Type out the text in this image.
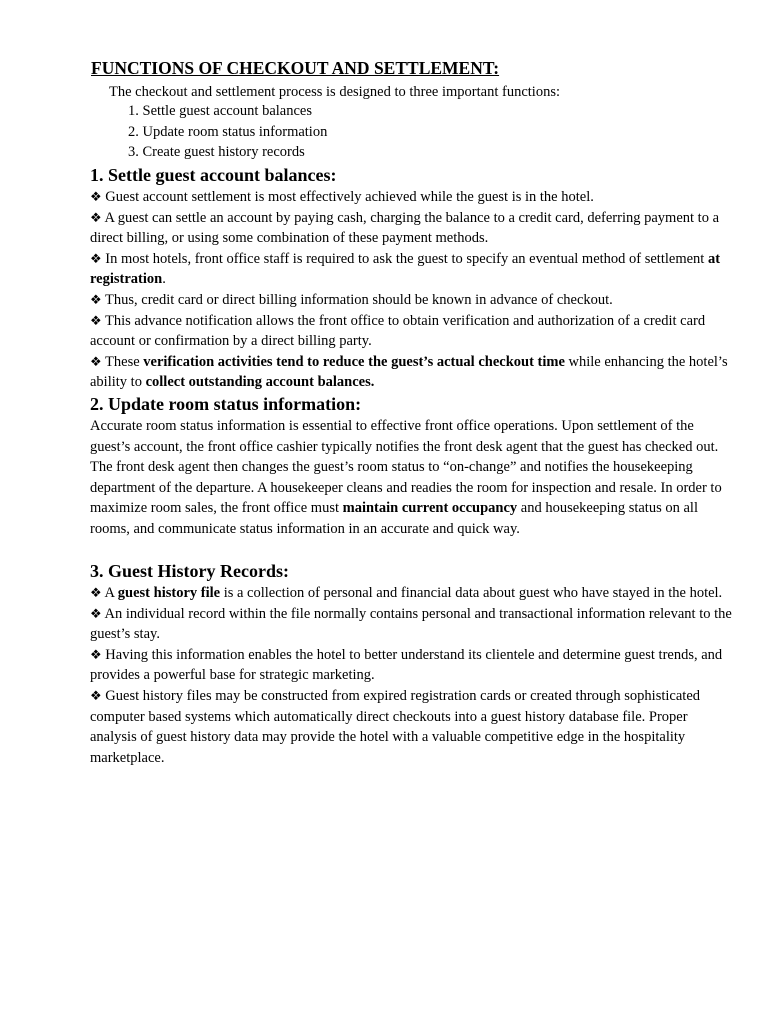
FUNCTIONS OF CHECKOUT AND SETTLEMENT:

The checkout and settlement process is designed to three important functions:

1. Settle guest account balances
2. Update room status information
3. Create guest history records
1. Settle guest account balances:

❖ Guest account settlement is most effectively achieved while the guest is in the hotel.

❖ A guest can settle an account by paying cash, charging the balance to a credit card, deferring payment to a direct billing, or using some combination of these payment methods.

❖ In most hotels, front office staff is required to ask the guest to specify an eventual method of settlement at registration.

❖ Thus, credit card or direct billing information should be known in advance of checkout.

❖ This advance notification allows the front office to obtain verification and authorization of a credit card account or confirmation by a direct billing party.

❖ These verification activities tend to reduce the guest’s actual checkout time while enhancing the hotel’s ability to collect outstanding account balances.

2. Update room status information:

Accurate room status information is essential to effective front office operations. Upon settlement of the guest’s account, the front office cashier typically notifies the front desk agent that the guest has checked out. The front desk agent then changes the guest’s room status to “on-change” and notifies the housekeeping department of the departure. A housekeeper cleans and readies the room for inspection and resale. In order to maximize room sales, the front office must maintain current occupancy and housekeeping status on all rooms, and communicate status information in an accurate and quick way.

3. Guest History Records:

❖ A guest history file is a collection of personal and financial data about guest who have stayed in the hotel.

❖ An individual record within the file normally contains personal and transactional information relevant to the guest’s stay.

❖ Having this information enables the hotel to better understand its clientele and determine guest trends, and provides a powerful base for strategic marketing.

❖ Guest history files may be constructed from expired registration cards or created through sophisticated computer based systems which automatically direct checkouts into a guest history database file. Proper analysis of guest history data may provide the hotel with a valuable competitive edge in the hospitality marketplace.
